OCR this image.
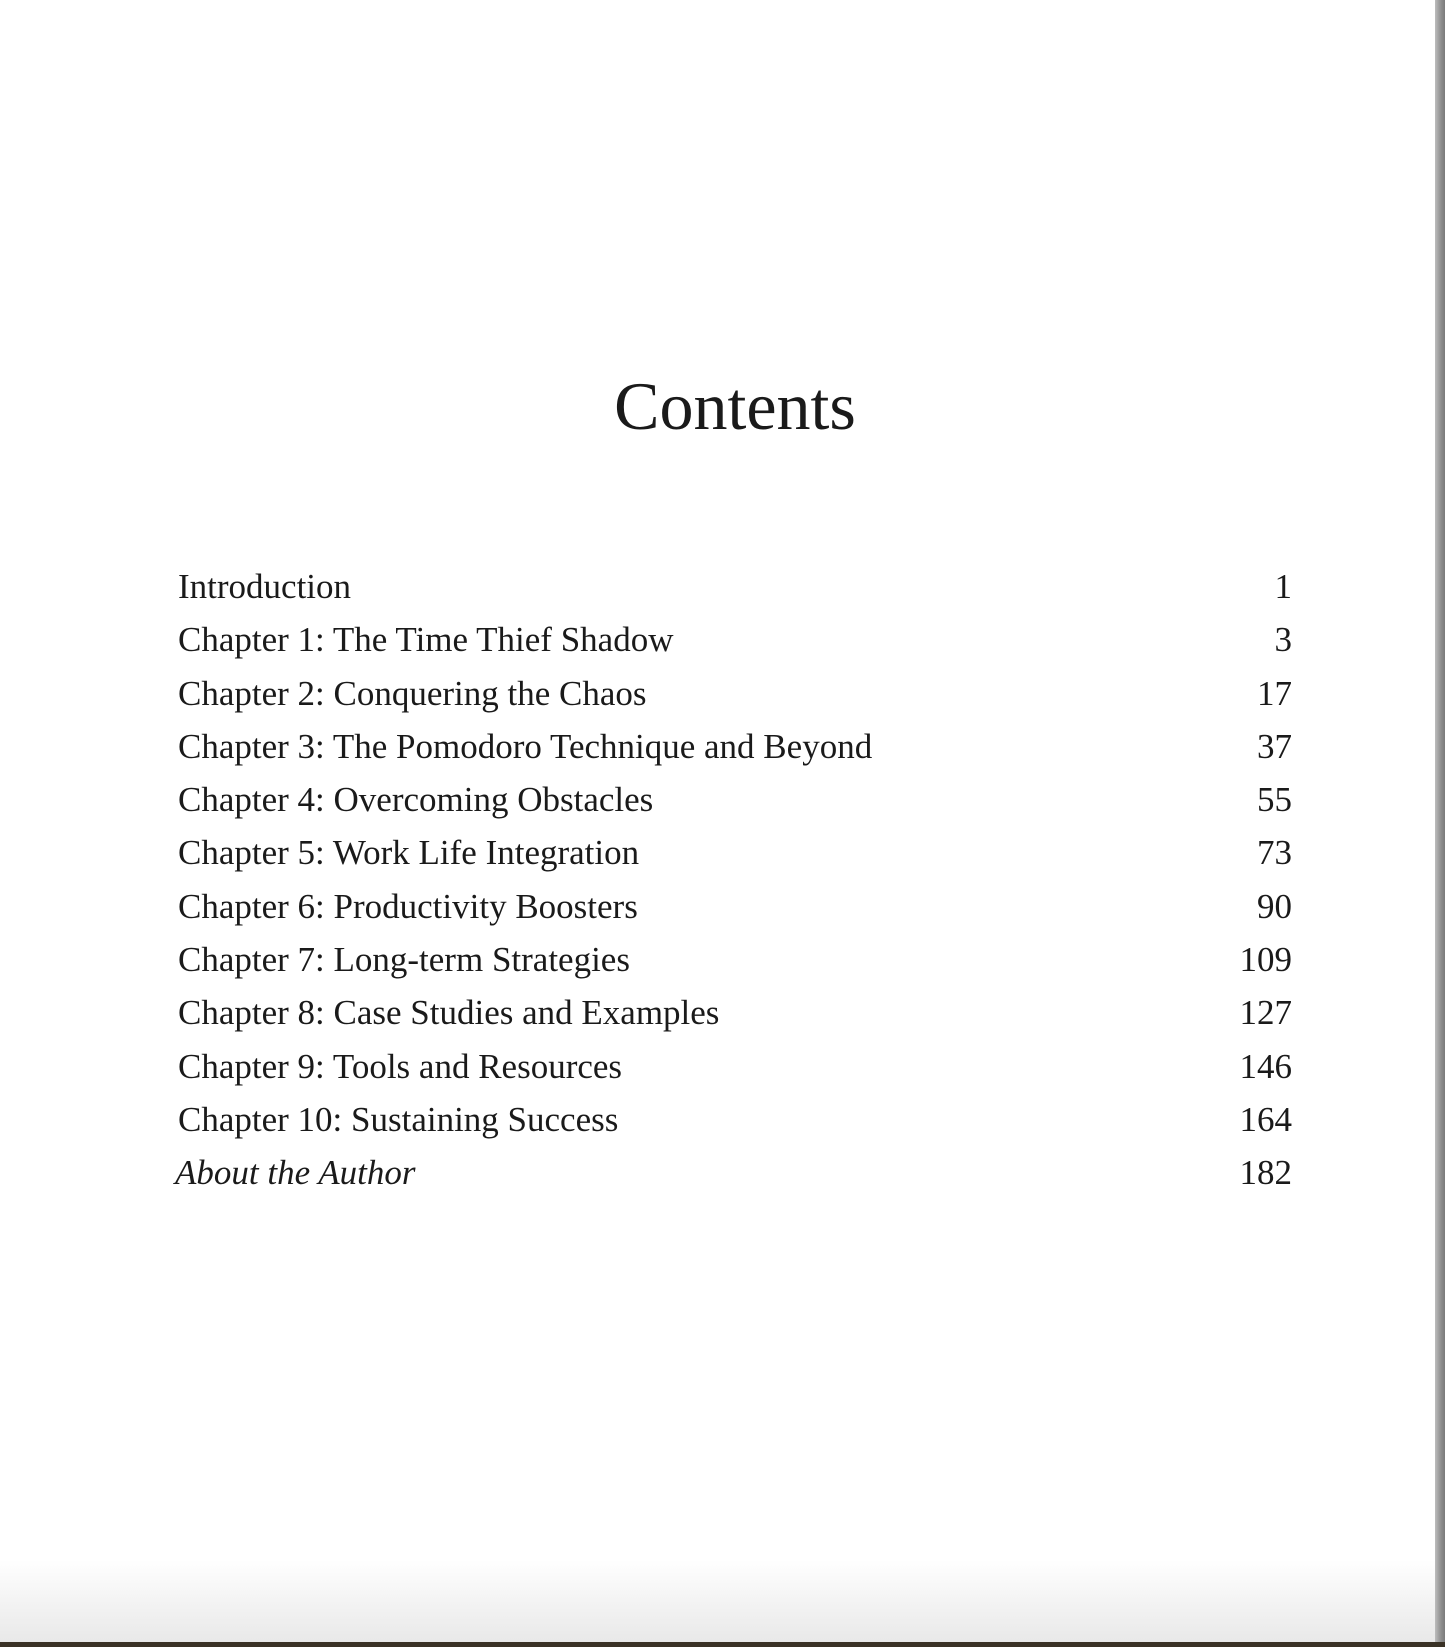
Contents
Introduction	1
Chapter 1: The Time Thief Shadow	3
Chapter 2: Conquering the Chaos	17
Chapter 3: The Pomodoro Technique and Beyond	37
Chapter 4: Overcoming Obstacles	55
Chapter 5: Work Life Integration	73
Chapter 6: Productivity Boosters	90
Chapter 7: Long-term Strategies	109
Chapter 8: Case Studies and Examples	127
Chapter 9: Tools and Resources	146
Chapter 10: Sustaining Success	164
About the Author	182
